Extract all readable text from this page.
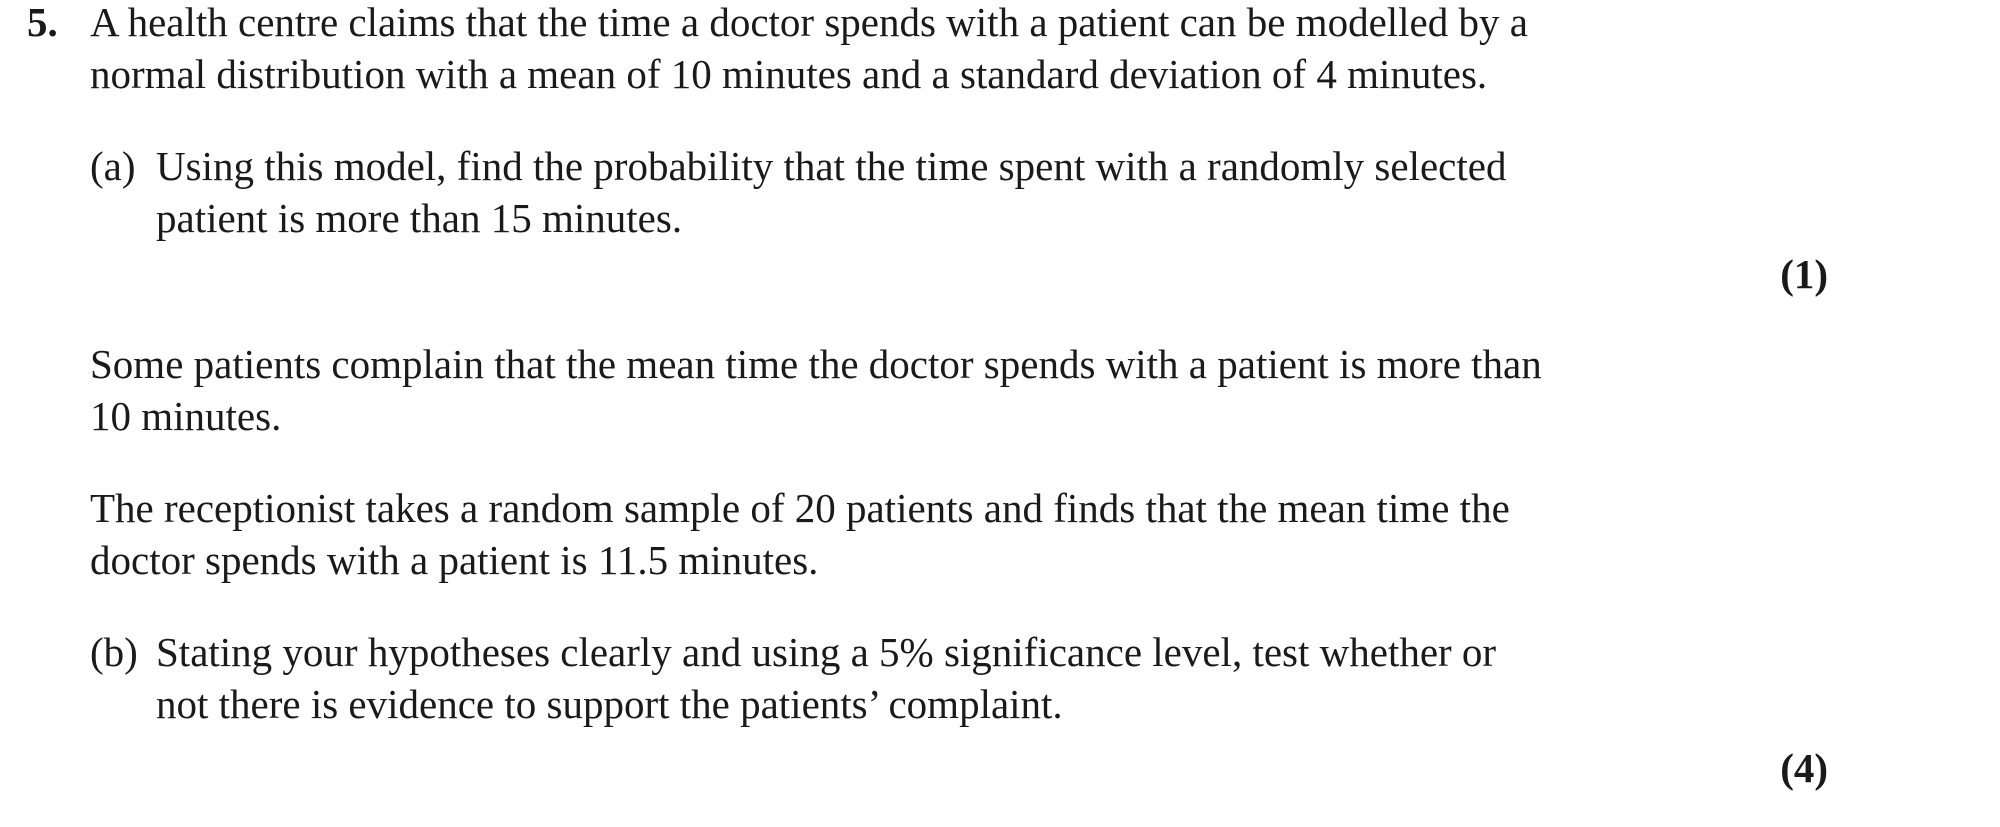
5. A health centre claims that the time a doctor spends with a patient can be modelled by a
normal distribution with a mean of 10 minutes and a standard deviation of 4 minutes.
(a) Using this model, find the probability that the time spent with a randomly selected
patient is more than 15 minutes.
(1)
Some patients complain that the mean time the doctor spends with a patient is more than
10 minutes.
The receptionist takes a random sample of 20 patients and finds that the mean time the
doctor spends with a patient is 11.5 minutes.
(b) Stating your hypotheses clearly and using a 5% significance level, test whether or
not there is evidence to support the patients’ complaint.
(4)
